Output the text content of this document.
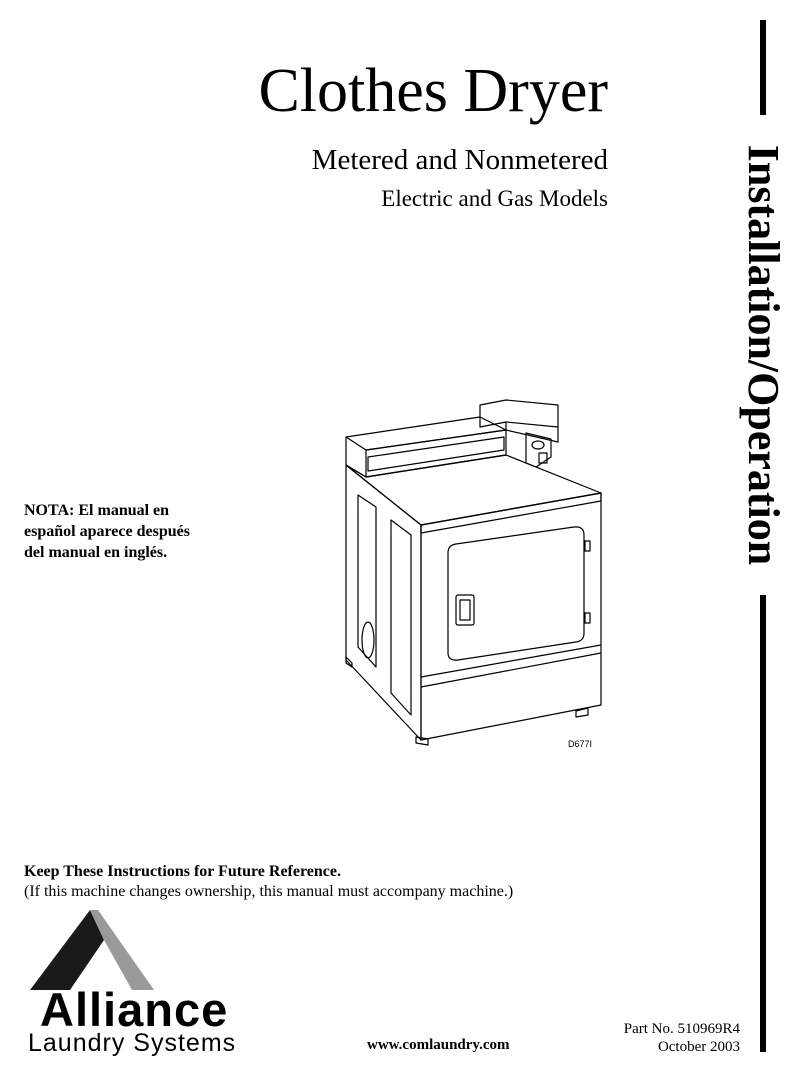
Clothes Dryer
Metered and Nonmetered
Electric and Gas Models	Installation/Operation
NOTA: El manual en
español aparece después
del manual en inglés.
D677I
Keep These Instructions for Future Reference.
(If this machine changes ownership, this manual must accompany machine.)
Alliance
Laundry Systems	www.comlaundry.com
Part No. 510969R4
October 2003
